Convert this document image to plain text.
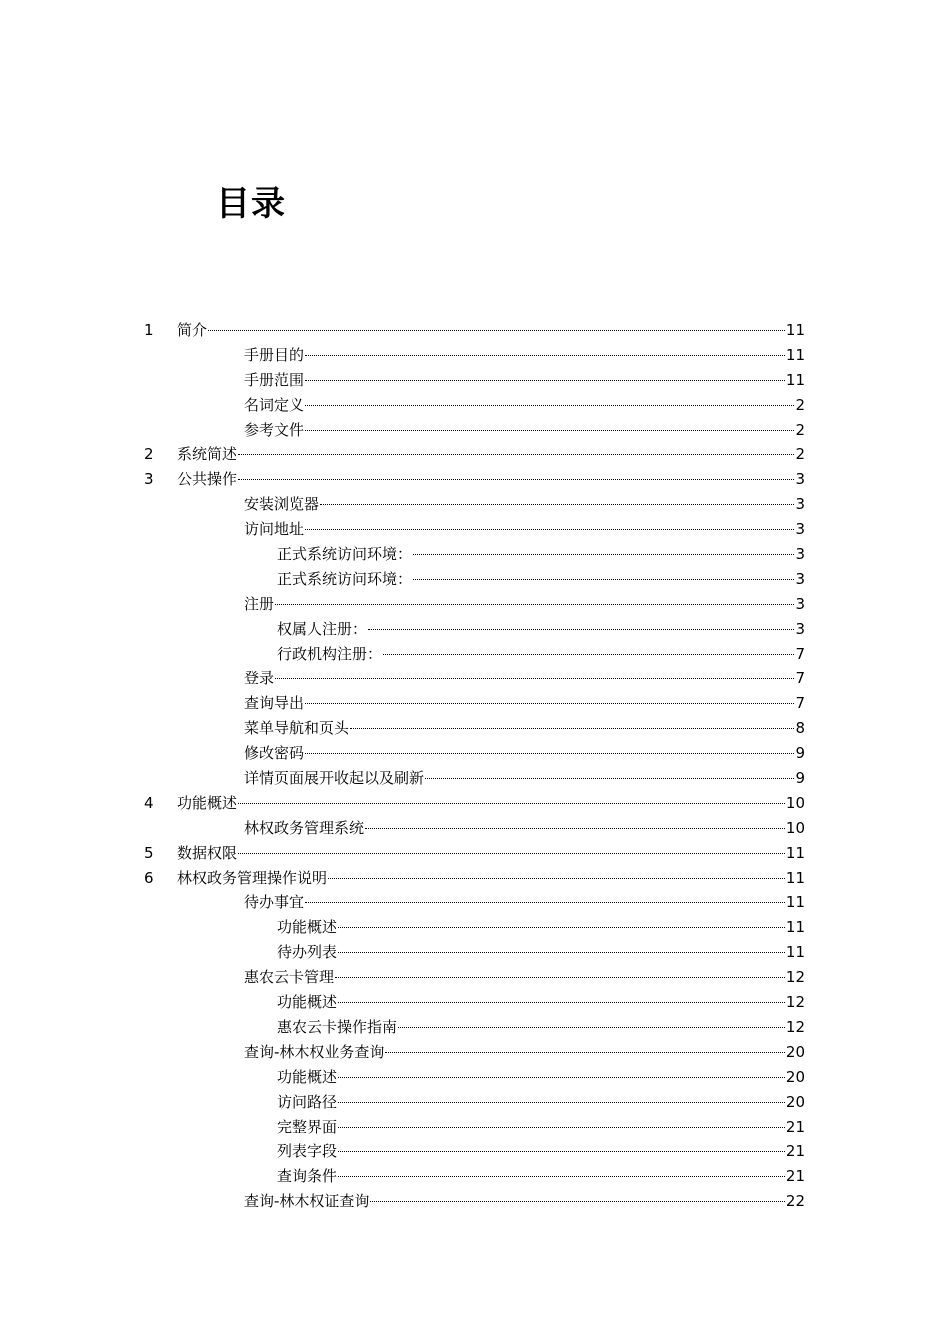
目录
1 简介	11
手册目的	11
手册范围	11
名词定义	2
参考文件	2
2 系统简述	2
3 公共操作	3
安装浏览器	3
访问地址	3
正式系统访问环境：	3
正式系统访问环境：	3
注册	3
权属人注册：	3
行政机构注册：	7
登录	7
查询导出	7
菜单导航和页头	8
修改密码	9
详情页面展开收起以及刷新	9
4 功能概述	10
林权政务管理系统	10
5 数据权限	11
6 林权政务管理操作说明	11
待办事宜	11
功能概述	11
待办列表	11
惠农云卡管理	12
功能概述	12
惠农云卡操作指南	12
查询-林木权业务查询	20
功能概述	20
访问路径	20
完整界面	21
列表字段	21
查询条件	21
查询-林木权证查询	22
